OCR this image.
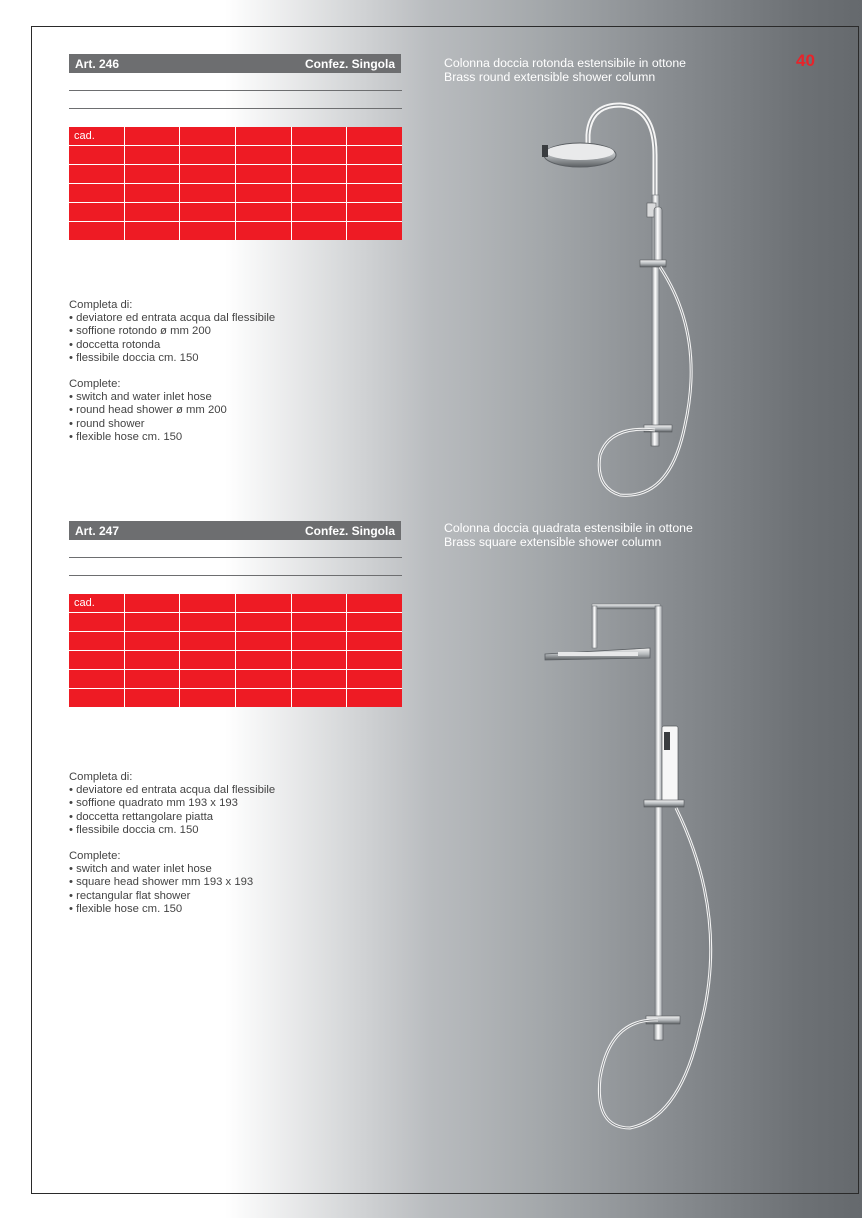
40
Art. 246	Confez. Singola
cad.
Completa di:
• deviatore ed entrata acqua dal flessibile
• soffione rotondo ø mm 200
• doccetta rotonda
• flessibile doccia cm. 150
Complete:
• switch and water inlet hose
• round head shower ø mm 200
• round shower
• flexible hose cm. 150
Colonna doccia rotonda estensibile in ottone
Brass round extensible shower column
Art. 247	Confez. Singola
cad.
Completa di:
• deviatore ed entrata acqua dal flessibile
• soffione quadrato mm 193 x 193
• doccetta rettangolare piatta
• flessibile doccia cm. 150
Complete:
• switch and water inlet hose
• square head shower mm 193 x 193
• rectangular flat shower
• flexible hose cm. 150
Colonna doccia quadrata estensibile in ottone
Brass square extensible shower column
